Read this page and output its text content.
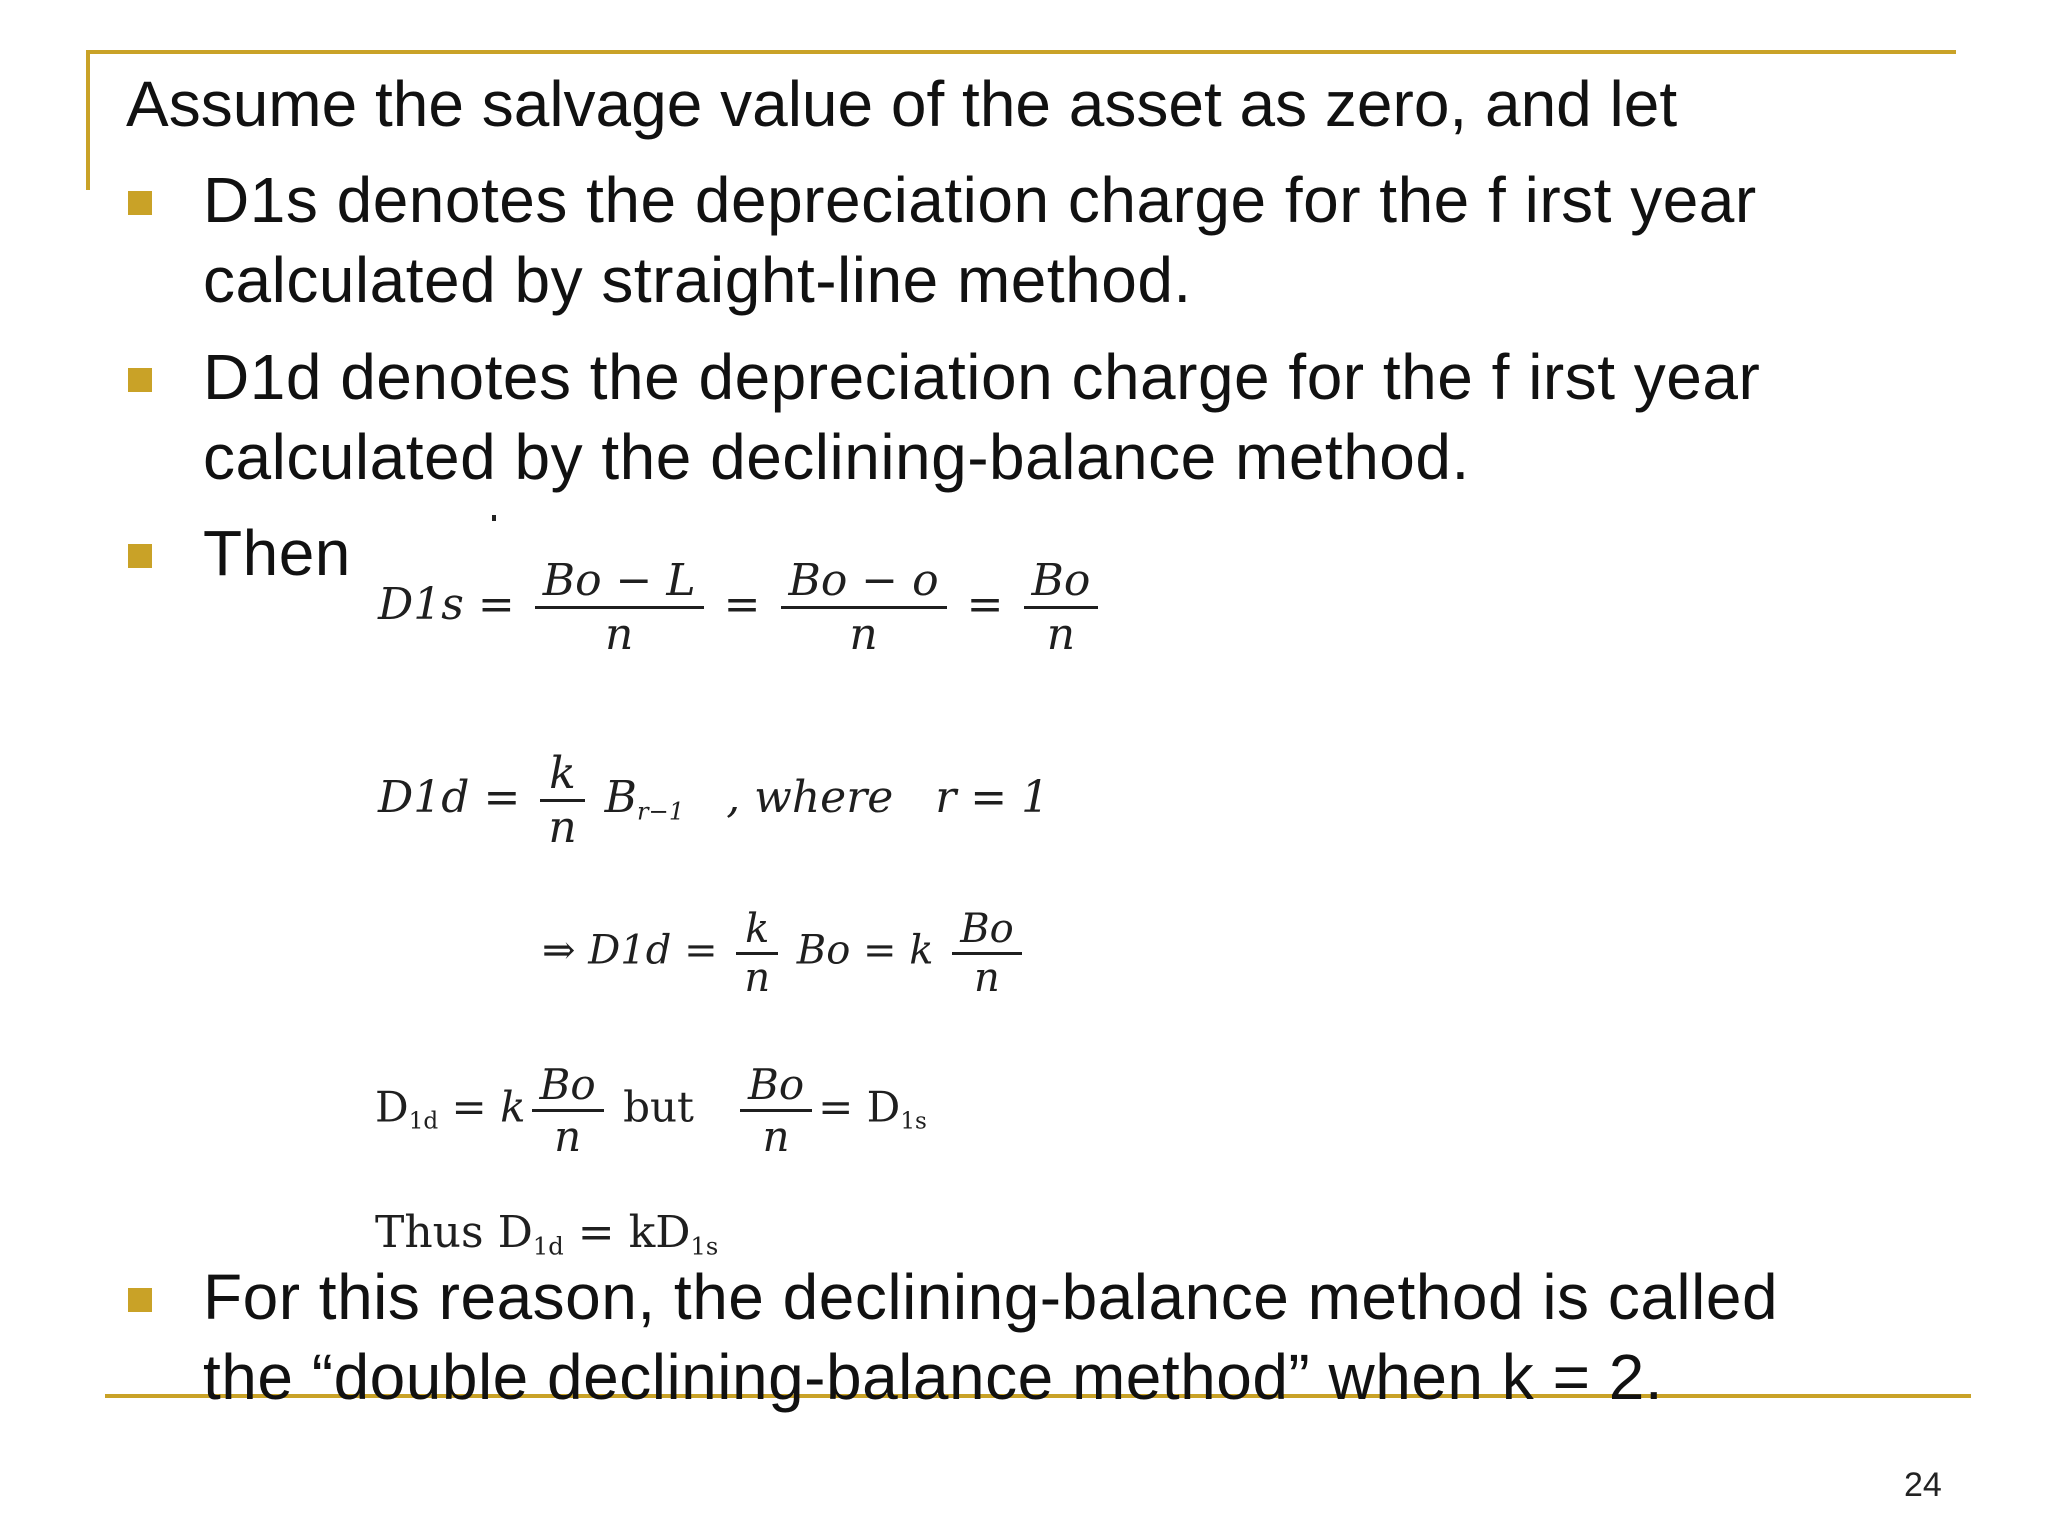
Assume the salvage value of the asset as zero, and let
D1s denotes the depreciation charge for the f irst year
calculated by straight-line method.
D1d denotes the depreciation charge for the f irst year
calculated by the declining-balance method.
Then
$D1s = \frac{Bo - L}{n} = \frac{Bo - o}{n} = \frac{Bo}{n}$
$D1d = \frac{k}{n} B_{r-1}$ , where r = 1
⇒ $D1d = \frac{k}{n}$ Bo = k $\frac{Bo}{n}$
$D_{1d} = k \frac{Bo}{n}$ but $\frac{Bo}{n} = D_{1s}$
Thus $D_{1d} = kD_{1s}$
For this reason, the declining-balance method is called
the “double declining-balance method” when k = 2.
24
